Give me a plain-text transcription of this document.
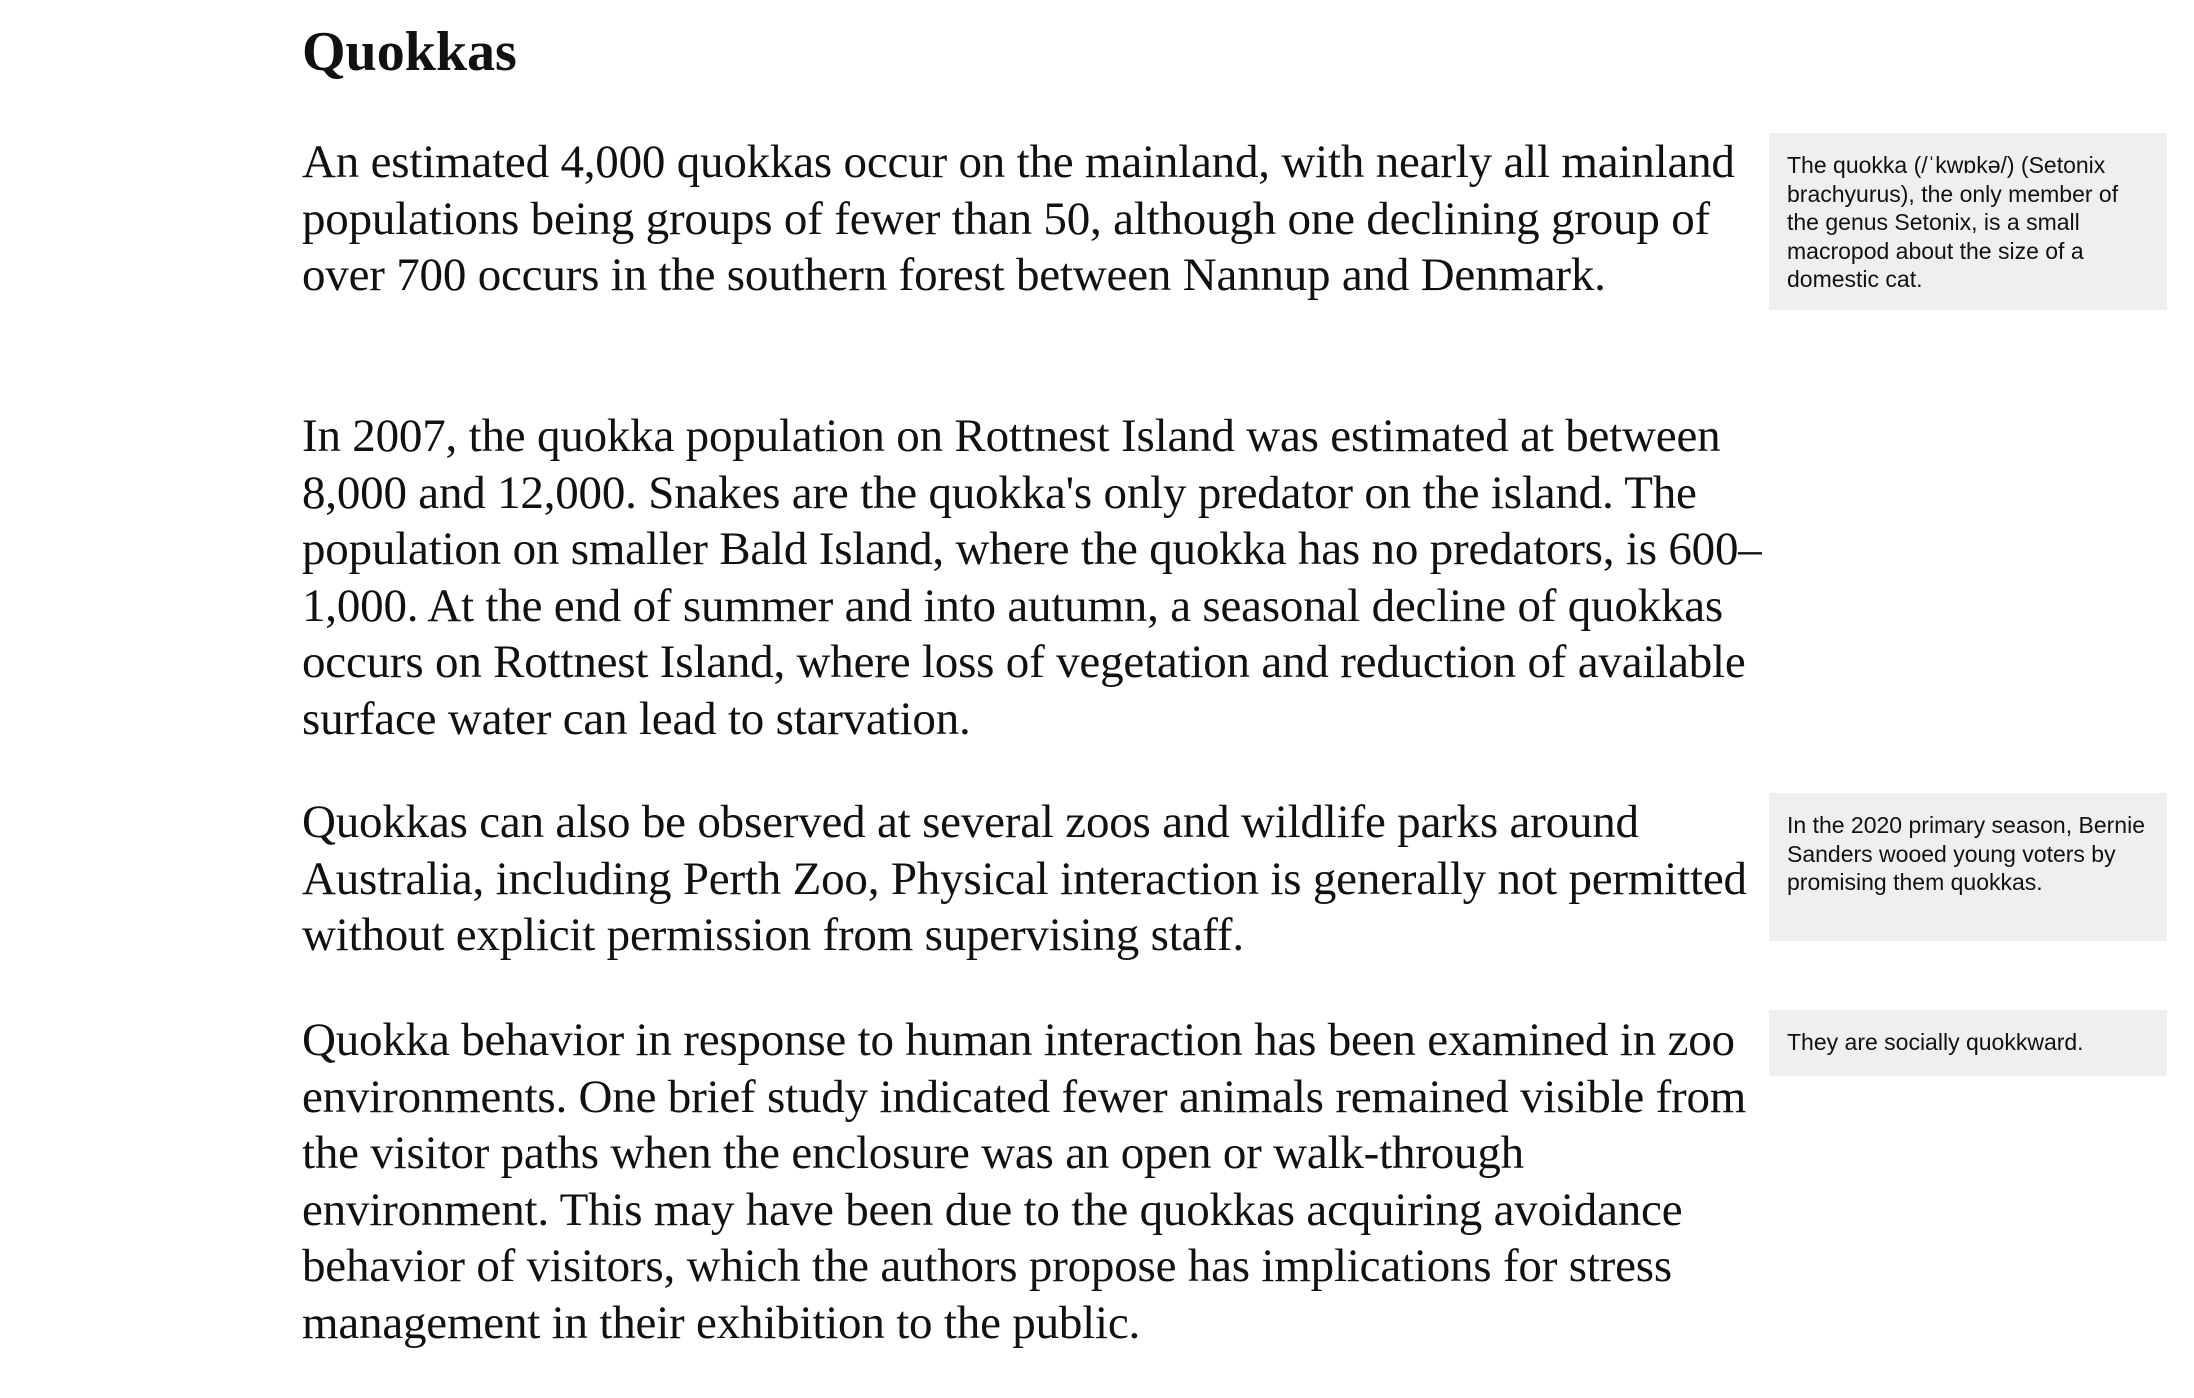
Quokkas

An estimated 4,000 quokkas occur on the mainland, with nearly all mainland populations being groups of fewer than 50, although one declining group of over 700 occurs in the southern forest between Nannup and Denmark.

In 2007, the quokka population on Rottnest Island was estimated at between 8,000 and 12,000. Snakes are the quokka's only predator on the island. The population on smaller Bald Island, where the quokka has no predators, is 600–1,000. At the end of summer and into autumn, a seasonal decline of quokkas occurs on Rottnest Island, where loss of vegetation and reduction of available surface water can lead to starvation.

Quokkas can also be observed at several zoos and wildlife parks around Australia, including Perth Zoo, Physical interaction is generally not permitted without explicit permission from supervising staff.

Quokka behavior in response to human interaction has been examined in zoo environments. One brief study indicated fewer animals remained visible from the visitor paths when the enclosure was an open or walk-through environment. This may have been due to the quokkas acquiring avoidance behavior of visitors, which the authors propose has implications for stress management in their exhibition to the public.

The quokka (/ˈkwɒkə/) (Setonix brachyurus), the only member of the genus Setonix, is a small macropod about the size of a domestic cat.
In the 2020 primary season, Bernie Sanders wooed young voters by promising them quokkas.
They are socially quokkward.
